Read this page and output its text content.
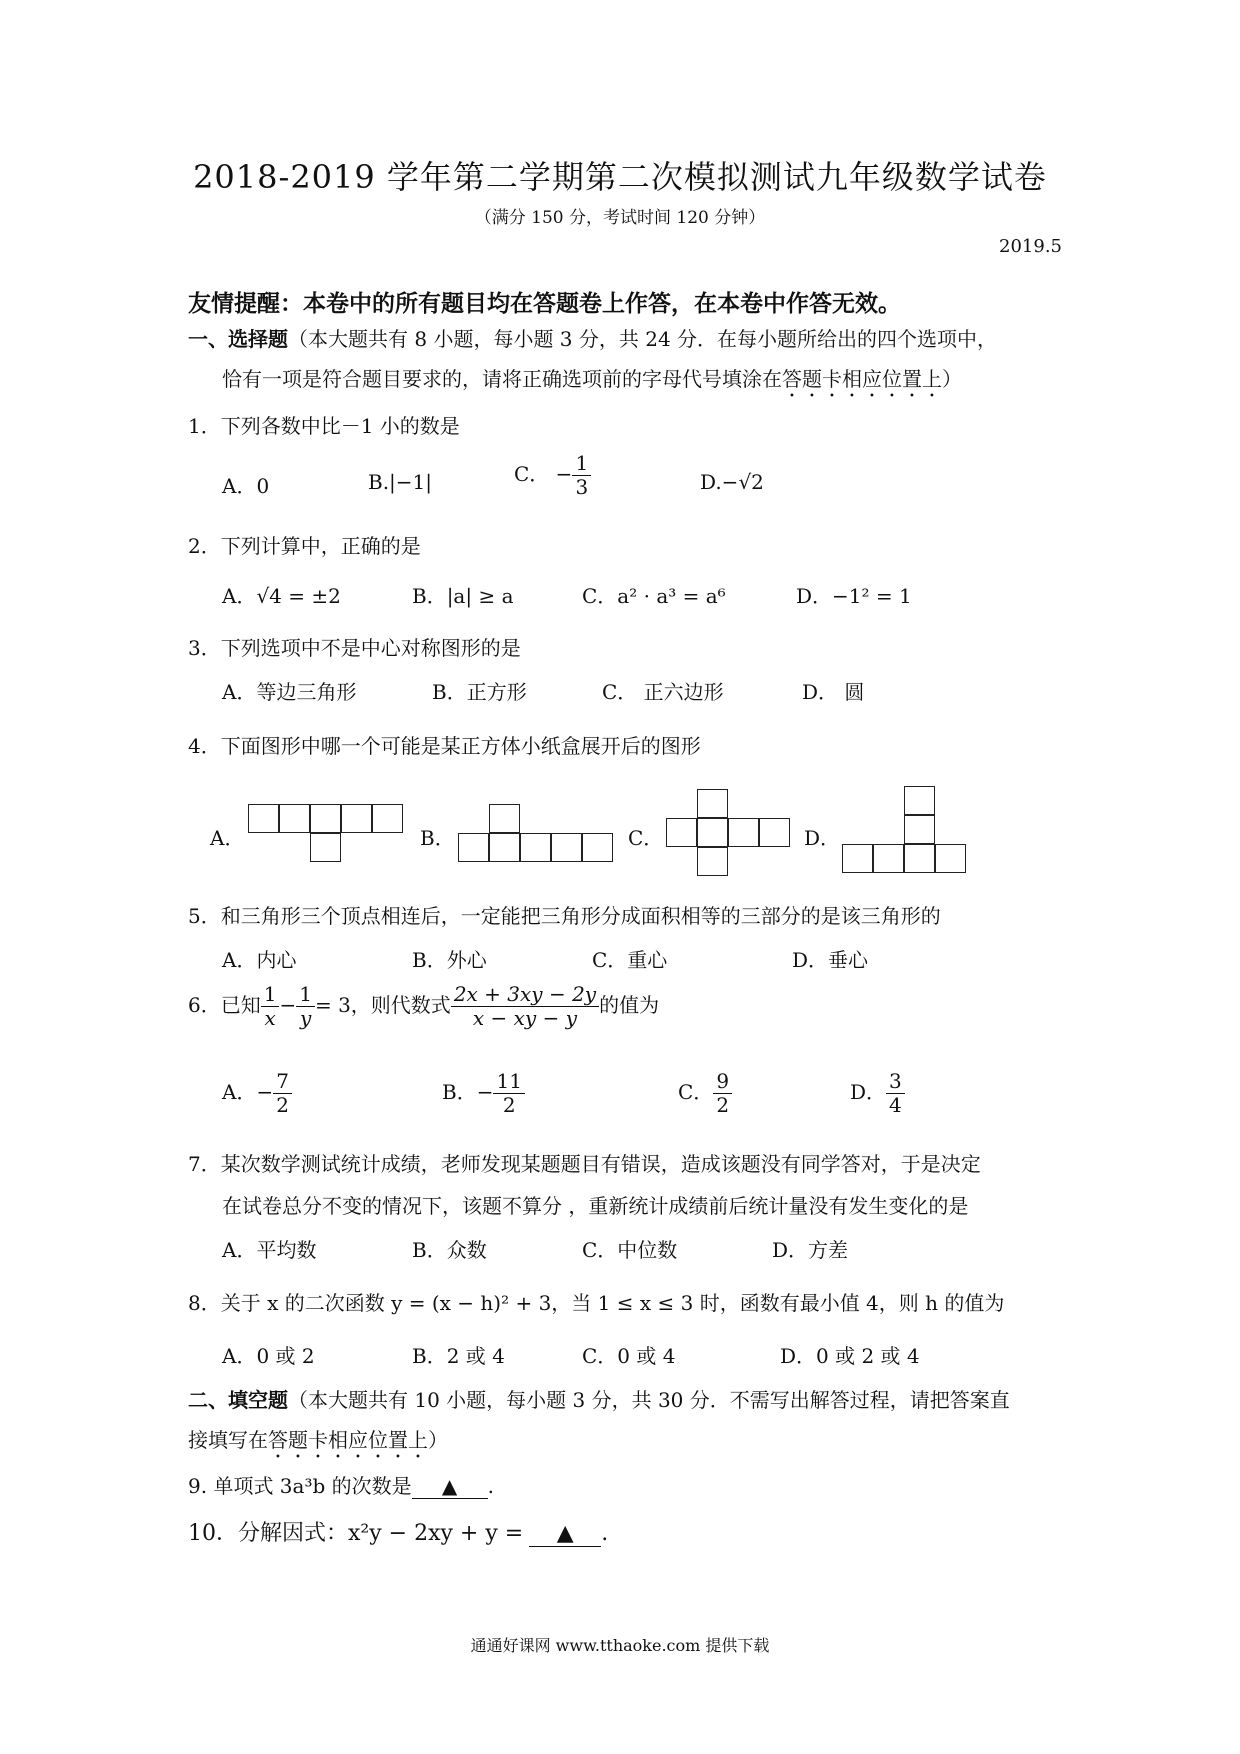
2018-2019 学年第二学期第二次模拟测试九年级数学试卷
（满分 150 分，考试时间 120 分钟）
2019.5
友情提醒：本卷中的所有题目均在答题卷上作答，在本卷中作答无效。
一、选择题（本大题共有 8 小题，每小题 3 分，共 24 分．在每小题所给出的四个选项中，
恰有一项是符合题目要求的，请将正确选项前的字母代号填涂在答题卡相应位置上）
1．下列各数中比－1 小的数是
A．0	B.|−1|	C． − $\frac{1}{3}$	D.−√2
2．下列计算中，正确的是
A．√4 = ±2	B．|a| ≥ a	C．a² · a³ = a⁶	D．−1² = 1
3．下列选项中不是中心对称图形的是
A．等边三角形	B．正方形	C． 正六边形	D． 圆
4．下面图形中哪一个可能是某正方体小纸盒展开后的图形
A．	B．	C．	D．
5．和三角形三个顶点相连后，一定能把三角形分成面积相等的三部分的是该三角形的
A．内心	B．外心	C．重心	D．垂心
6．已知 $\frac{1}{x} - \frac{1}{y} = 3$，则代数式 $\frac{2x + 3xy - 2y}{x - xy - y}$ 的值为
A．− $\frac{7}{2}$	B．− $\frac{11}{2}$	C． $\frac{9}{2}$	D． $\frac{3}{4}$
7．某次数学测试统计成绩，老师发现某题题目有错误，造成该题没有同学答对，于是决定
在试卷总分不变的情况下，该题不算分 ，重新统计成绩前后统计量没有发生变化的是
A．平均数	B．众数	C．中位数	D．方差
8．关于 x 的二次函数 y = (x − h)² + 3，当 1 ≤ x ≤ 3 时，函数有最小值 4，则 h 的值为
A．0 或 2	B．2 或 4	C．0 或 4	D．0 或 2 或 4
二、填空题（本大题共有 10 小题，每小题 3 分，共 30 分．不需写出解答过程，请把答案直
接填写在答题卡相应位置上）
9. 单项式 3a³b 的次数是 ▲ .
10．分解因式：x²y − 2xy + y = ▲ .
通通好课网 www.tthaoke.com 提供下载
